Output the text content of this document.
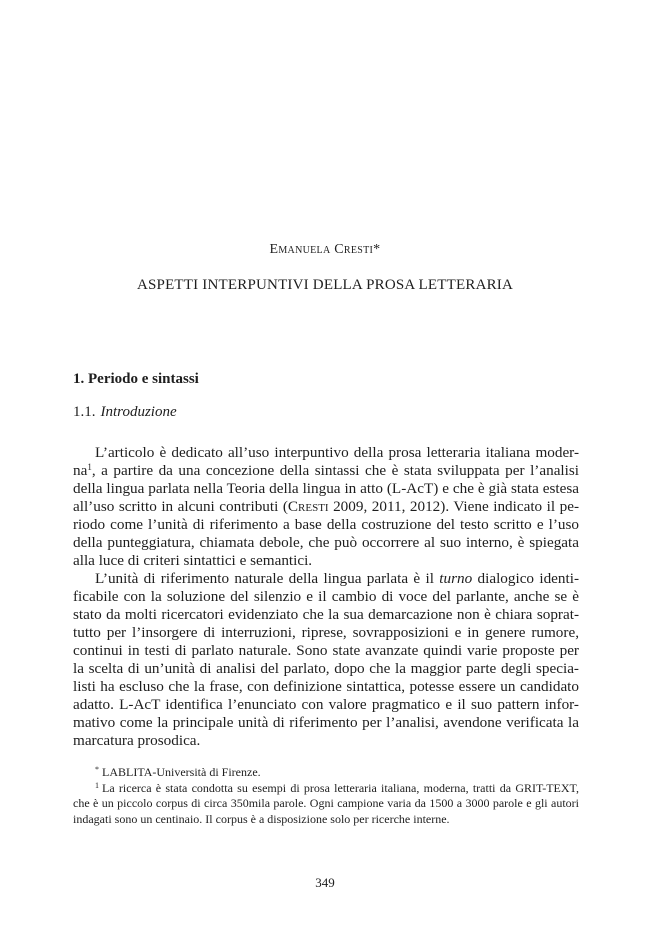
Emanuela Cresti*
ASPETTI INTERPUNTIVI DELLA PROSA LETTERARIA
1. Periodo e sintassi
1.1. Introduzione

L’articolo è dedicato all’uso interpuntivo della prosa letteraria italiana moder-$na^1$, a partire da una concezione della sintassi che è stata sviluppata per l’analisi della lingua parlata nella Teoria della lingua in atto (L-AcT) e che è già stata estesa all’uso scritto in alcuni contributi (Cresti 2009, 2011, 2012). Viene indicato il pe-riodo come l’unità di riferimento a base della costruzione del testo scritto e l’uso della punteggiatura, chiamata debole, che può occorrere al suo interno, è spiegata alla luce di criteri sintattici e semantici.

L’unità di riferimento naturale della lingua parlata è il turno dialogico identi-ficabile con la soluzione del silenzio e il cambio di voce del parlante, anche se è stato da molti ricercatori evidenziato che la sua demarcazione non è chiara soprat-tutto per l’insorgere di interruzioni, riprese, sovrapposizioni e in genere rumore, continui in testi di parlato naturale. Sono state avanzate quindi varie proposte per la scelta di un’unità di analisi del parlato, dopo che la maggior parte degli specia-listi ha escluso che la frase, con definizione sintattica, potesse essere un candidato adatto. L-AcT identifica l’enunciato con valore pragmatico e il suo pattern infor-mativo come la principale unità di riferimento per l’analisi, avendone verificata la marcatura prosodica.

* LABLITA-Università di Firenze.

$^1$ La ricerca è stata condotta su esempi di prosa letteraria italiana, moderna, tratti da GRIT-TEXT, che è un piccolo corpus di circa 350mila parole. Ogni campione varia da 1500 a 3000 parole e gli autori indagati sono un centinaio. Il corpus è a disposizione solo per ricerche interne.

349
